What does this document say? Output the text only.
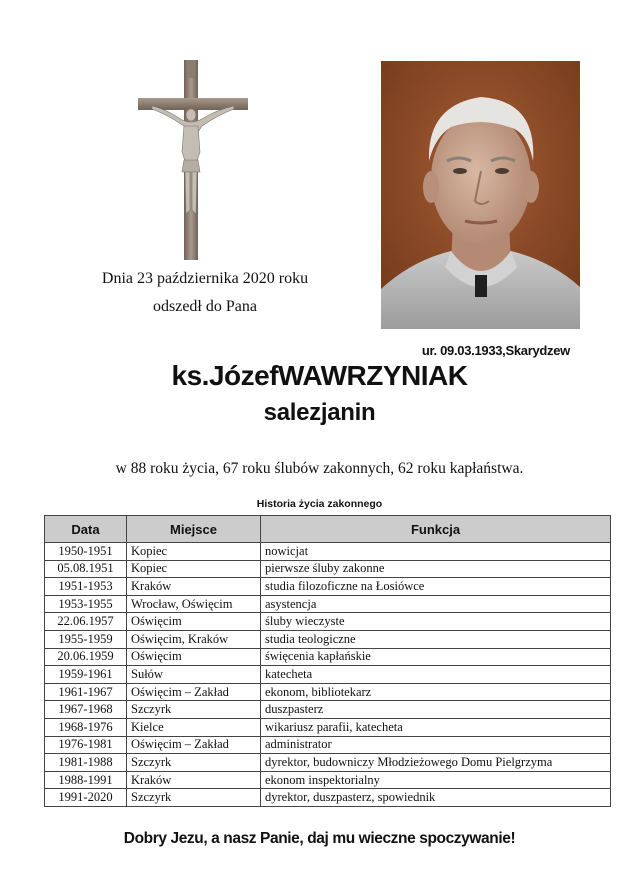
Dnia 23 października 2020 roku
odszedł do Pana
ur. 09.03.1933,Skarydzew
ks.JózefWAWRZYNIAK
salezjanin
w 88 roku życia, 67 roku ślubów zakonnych, 62 roku kapłaństwa.
Historia życia zakonnego
Data	Miejsce	Funkcja
1950-1951	Kopiec	nowicjat
05.08.1951	Kopiec	pierwsze śluby zakonne
1951-1953	Kraków	studia filozoficzne na Łosiówce
1953-1955	Wrocław, Oświęcim	asystencja
22.06.1957	Oświęcim	śluby wieczyste
1955-1959	Oświęcim, Kraków	studia teologiczne
20.06.1959	Oświęcim	święcenia kapłańskie
1959-1961	Sułów	katecheta
1961-1967	Oświęcim – Zakład	ekonom, bibliotekarz
1967-1968	Szczyrk	duszpasterz
1968-1976	Kielce	wikariusz parafii, katecheta
1976-1981	Oświęcim – Zakład	administrator
1981-1988	Szczyrk	dyrektor, budowniczy Młodzieżowego Domu Pielgrzyma
1988-1991	Kraków	ekonom inspektorialny
1991-2020	Szczyrk	dyrektor, duszpasterz, spowiednik
Dobry Jezu, a nasz Panie, daj mu wieczne spoczywanie!
